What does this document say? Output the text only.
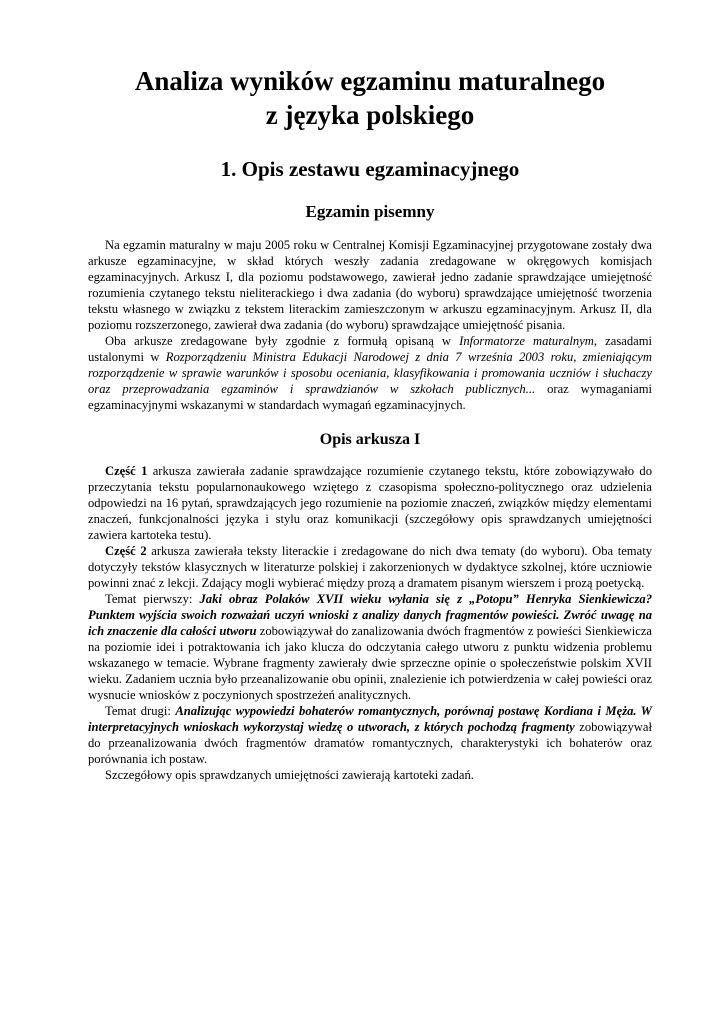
Analiza wyników egzaminu maturalnego
z języka polskiego
1. Opis zestawu egzaminacyjnego
Egzamin pisemny

Na egzamin maturalny w maju 2005 roku w Centralnej Komisji Egzaminacyjnej przygotowane zostały dwa arkusze egzaminacyjne, w skład których weszły zadania zredagowane w okręgowych komisjach egzaminacyjnych. Arkusz I, dla poziomu podstawowego, zawierał jedno zadanie sprawdzające umiejętność rozumienia czytanego tekstu nieliterackiego i dwa zadania (do wyboru) sprawdzające umiejętność tworzenia tekstu własnego w związku z tekstem literackim zamieszczonym w arkuszu egzaminacyjnym. Arkusz II, dla poziomu rozszerzonego, zawierał dwa zadania (do wyboru) sprawdzające umiejętność pisania.

Oba arkusze zredagowane były zgodnie z formułą opisaną w Informatorze maturalnym, zasadami ustalonymi w Rozporządzeniu Ministra Edukacji Narodowej z dnia 7 września 2003 roku, zmieniającym rozporządzenie w sprawie warunków i sposobu oceniania, klasyfikowania i promowania uczniów i słuchaczy oraz przeprowadzania egzaminów i sprawdzianów w szkołach publicznych... oraz wymaganiami egzaminacyjnymi wskazanymi w standardach wymagań egzaminacyjnych.

Opis arkusza I

Część 1 arkusza zawierała zadanie sprawdzające rozumienie czytanego tekstu, które zobowiązywało do przeczytania tekstu popularnonaukowego wziętego z czasopisma społeczno-politycznego oraz udzielenia odpowiedzi na 16 pytań, sprawdzających jego rozumienie na poziomie znaczeń, związków między elementami znaczeń, funkcjonalności języka i stylu oraz komunikacji (szczegółowy opis sprawdzanych umiejętności zawiera kartoteka testu).

Część 2 arkusza zawierała teksty literackie i zredagowane do nich dwa tematy (do wyboru). Oba tematy dotyczyły tekstów klasycznych w literaturze polskiej i zakorzenionych w dydaktyce szkolnej, które uczniowie powinni znać z lekcji. Zdający mogli wybierać między prozą a dramatem pisanym wierszem i prozą poetycką.

Temat pierwszy: Jaki obraz Polaków XVII wieku wyłania się z „Potopu” Henryka Sienkiewicza? Punktem wyjścia swoich rozważań uczyń wnioski z analizy danych fragmentów powieści. Zwróć uwagę na ich znaczenie dla całości utworu zobowiązywał do zanalizowania dwóch fragmentów z powieści Sienkiewicza na poziomie idei i potraktowania ich jako klucza do odczytania całego utworu z punktu widzenia problemu wskazanego w temacie. Wybrane fragmenty zawierały dwie sprzeczne opinie o społeczeństwie polskim XVII wieku. Zadaniem ucznia było przeanalizowanie obu opinii, znalezienie ich potwierdzenia w całej powieści oraz wysnucie wniosków z poczynionych spostrzeżeń analitycznych.

Temat drugi: Analizując wypowiedzi bohaterów romantycznych, porównaj postawę Kordiana i Męża. W interpretacyjnych wnioskach wykorzystaj wiedzę o utworach, z których pochodzą fragmenty zobowiązywał do przeanalizowania dwóch fragmentów dramatów romantycznych, charakterystyki ich bohaterów oraz porównania ich postaw.

Szczegółowy opis sprawdzanych umiejętności zawierają kartoteki zadań.
